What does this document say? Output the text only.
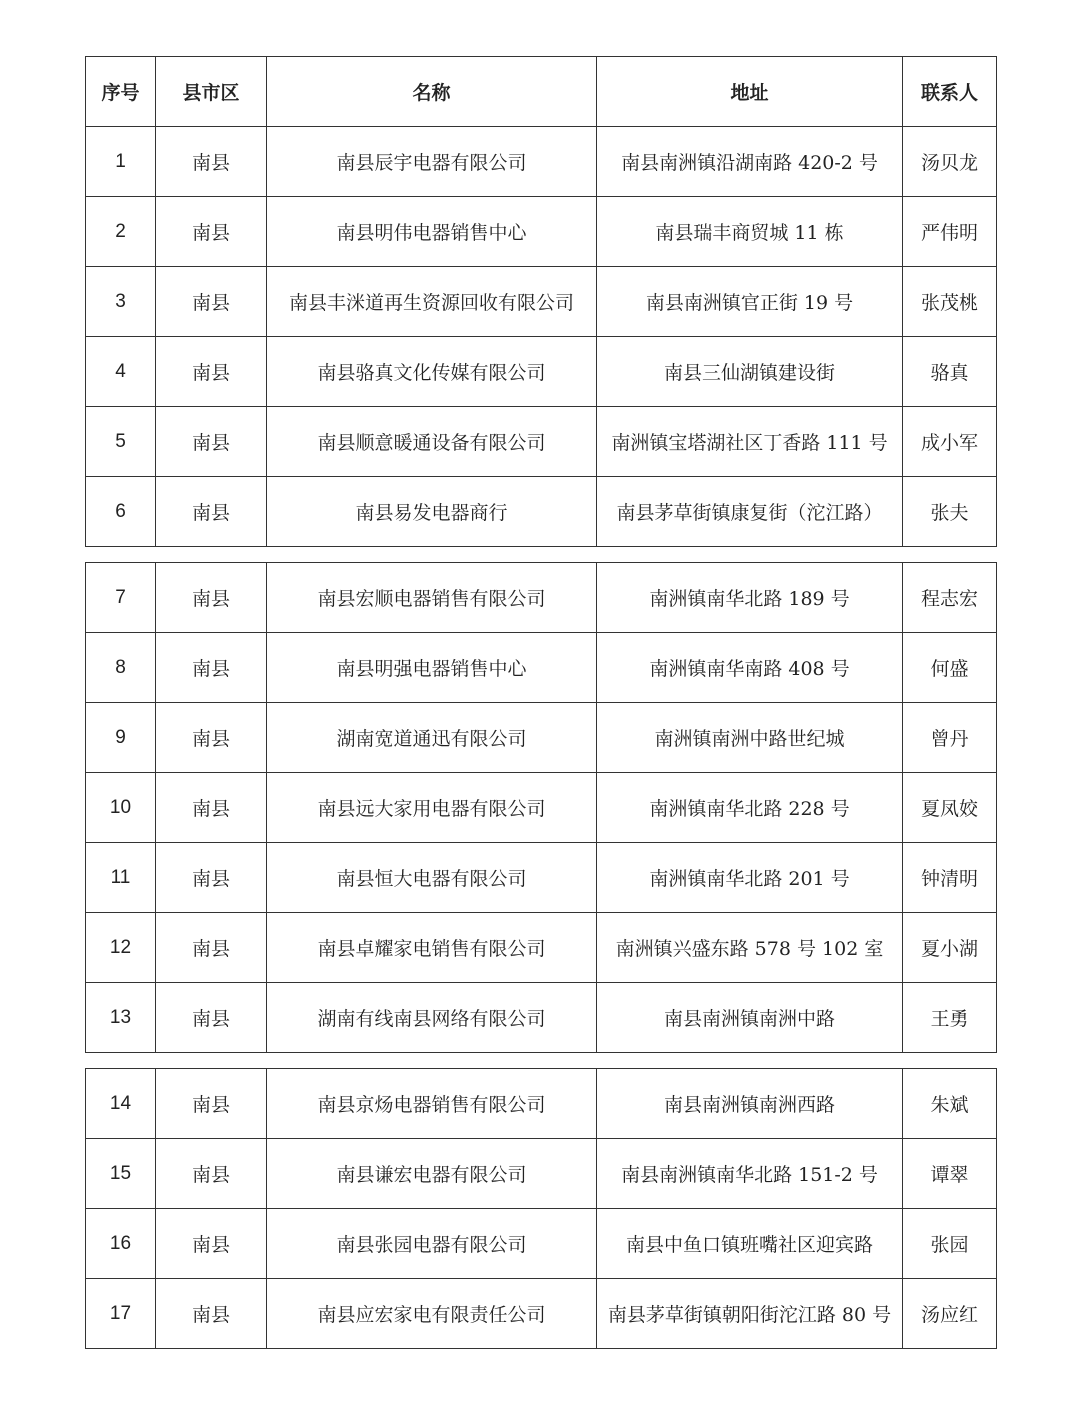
序号	县市区	名称	地址	联系人
1	南县	南县辰宇电器有限公司	南县南洲镇沿湖南路 420-2 号	汤贝龙
2	南县	南县明伟电器销售中心	南县瑞丰商贸城 11 栋	严伟明
3	南县	南县丰洣道再生资源回收有限公司	南县南洲镇官正街 19 号	张茂桃
4	南县	南县骆真文化传媒有限公司	南县三仙湖镇建设街	骆真
5	南县	南县顺意暖通设备有限公司	南洲镇宝塔湖社区丁香路 111 号	成小军
6	南县	南县易发电器商行	南县茅草街镇康复街（沱江路）	张夫
7	南县	南县宏顺电器销售有限公司	南洲镇南华北路 189 号	程志宏
8	南县	南县明强电器销售中心	南洲镇南华南路 408 号	何盛
9	南县	湖南宽道通迅有限公司	南洲镇南洲中路世纪城	曾丹
10	南县	南县远大家用电器有限公司	南洲镇南华北路 228 号	夏凤姣
11	南县	南县恒大电器有限公司	南洲镇南华北路 201 号	钟清明
12	南县	南县卓耀家电销售有限公司	南洲镇兴盛东路 578 号 102 室	夏小湖
13	南县	湖南有线南县网络有限公司	南县南洲镇南洲中路	王勇
14	南县	南县京炀电器销售有限公司	南县南洲镇南洲西路	朱斌
15	南县	南县谦宏电器有限公司	南县南洲镇南华北路 151-2 号	谭翠
16	南县	南县张园电器有限公司	南县中鱼口镇班嘴社区迎宾路	张园
17	南县	南县应宏家电有限责任公司	南县茅草街镇朝阳街沱江路 80 号	汤应红
